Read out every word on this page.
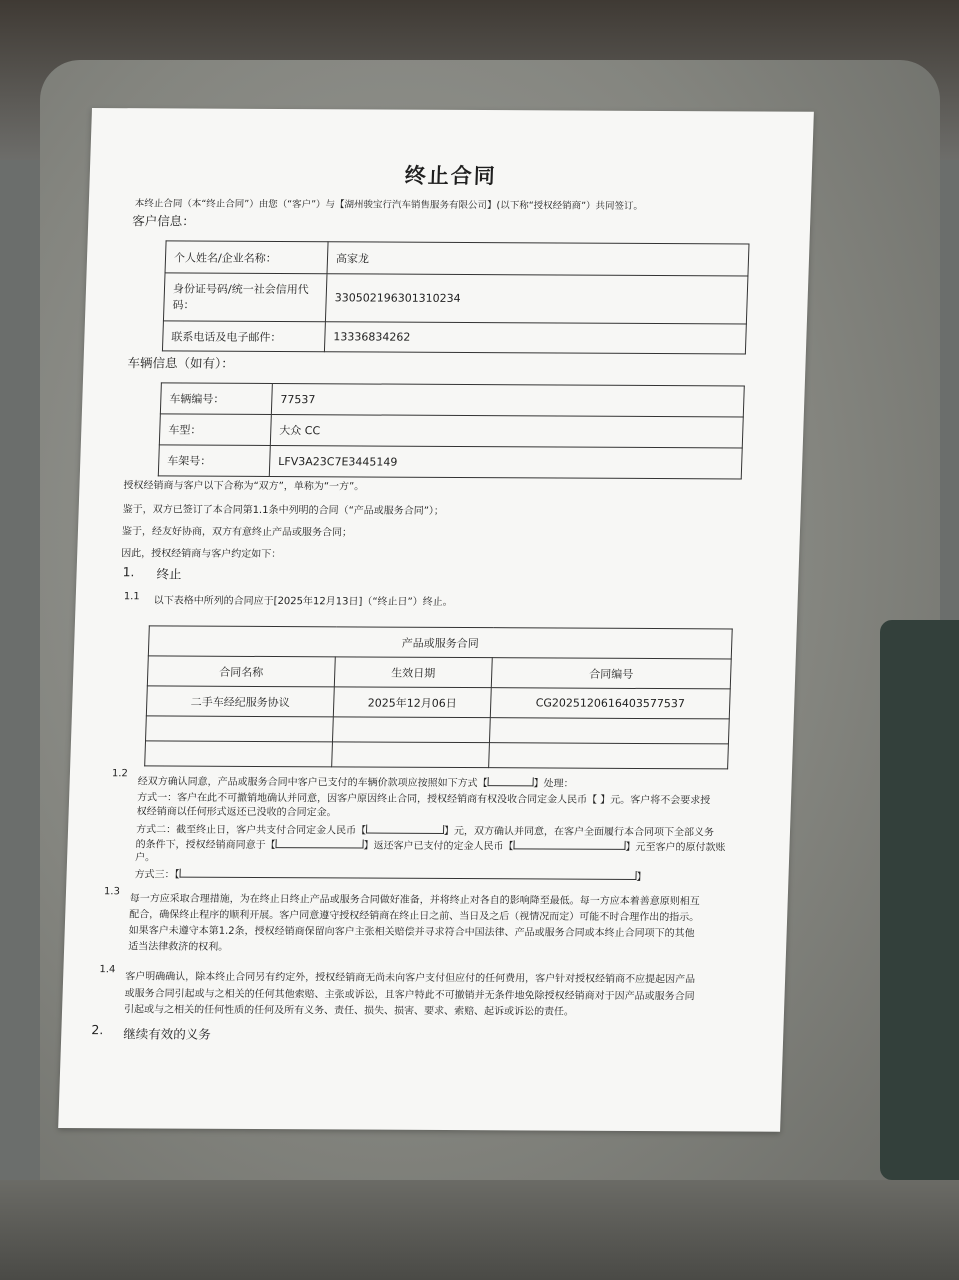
终止合同
本终止合同（本“终止合同”）由您（“客户”）与【湖州骏宝行汽车销售服务有限公司】(以下称“授权经销商”）共同签订。
客户信息：
个人姓名/企业名称：	高家龙
身份证号码/统一社会信用代码：	330502196301310234
联系电话及电子邮件：	13336834262
车辆信息（如有）：
车辆编号：	77537
车型：	大众 CC
车架号：	LFV3A23C7E3445149
授权经销商与客户以下合称为“双方”，单称为“一方”。
鉴于，双方已签订了本合同第1.1条中列明的合同（“产品或服务合同”）；
鉴于，经友好协商，双方有意终止产品或服务合同；
因此，授权经销商与客户约定如下：
1. 终止
1.1 以下表格中所列的合同应于[2025年12月13日]（“终止日”）终止。
产品或服务合同		
合同名称	生效日期	合同编号
二手车经纪服务协议	2025年12月06日	CG2025120616403577537

1.2
经双方确认同意，产品或服务合同中客户已支付的车辆价款项应按照如下方式【	】处理：
方式一：客户在此不可撤销地确认并同意，因客户原因终止合同，授权经销商有权没收合同定金人民币【 】元。客户将不会要求授
权经销商以任何形式返还已没收的合同定金。
方式二：截至终止日，客户共支付合同定金人民币【	】元，双方确认并同意，在客户全面履行本合同项下全部义务
的条件下，授权经销商同意于【	】返还客户已支付的定金人民币【	】元至客户的原付款账
户。
方式三：【	】
1.3
每一方应采取合理措施，为在终止日终止产品或服务合同做好准备，并将终止对各自的影响降至最低。每一方应本着善意原则相互
配合，确保终止程序的顺利开展。客户同意遵守授权经销商在终止日之前、当日及之后（视情况而定）可能不时合理作出的指示。
如果客户未遵守本第1.2条，授权经销商保留向客户主张相关赔偿并寻求符合中国法律、产品或服务合同或本终止合同项下的其他
适当法律救济的权利。
1.4
客户明确确认，除本终止合同另有约定外，授权经销商无尚未向客户支付但应付的任何费用，客户针对授权经销商不应提起因产品
或服务合同引起或与之相关的任何其他索赔、主张或诉讼，且客户特此不可撤销并无条件地免除授权经销商对于因产品或服务合同
引起或与之相关的任何性质的任何及所有义务、责任、损失、损害、要求、索赔、起诉或诉讼的责任。
2. 继续有效的义务
